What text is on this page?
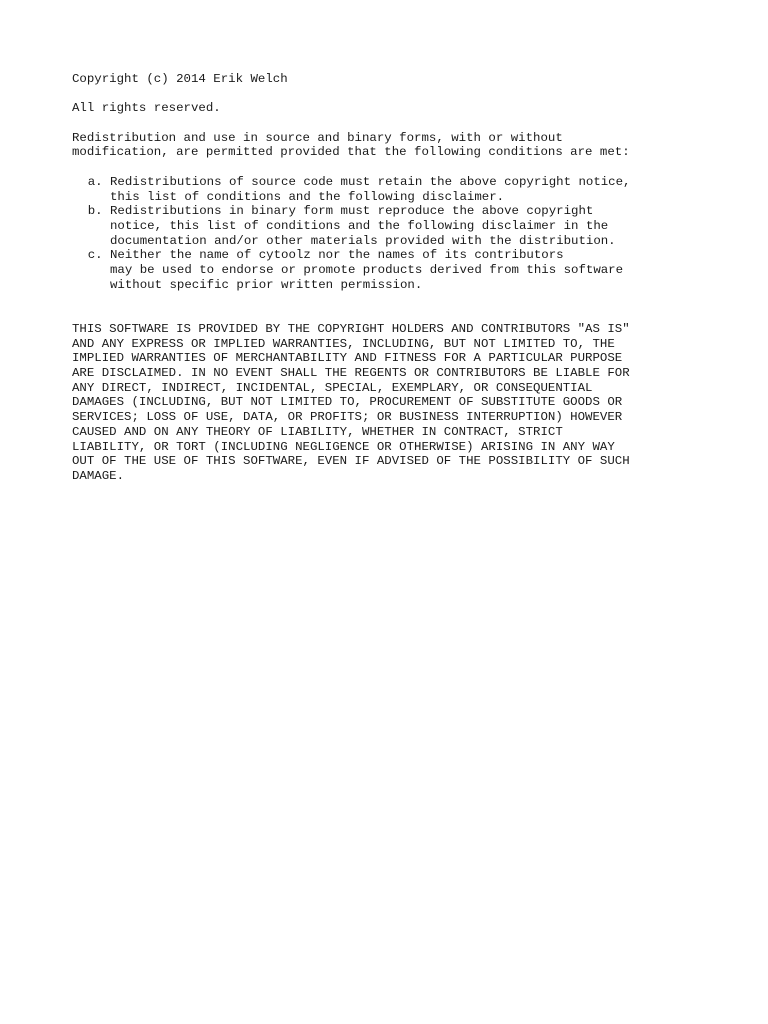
Copyright (c) 2014 Erik Welch

All rights reserved.

Redistribution and use in source and binary forms, with or without
modification, are permitted provided that the following conditions are met:

a. Redistributions of source code must retain the above copyright notice,
this list of conditions and the following disclaimer.
b. Redistributions in binary form must reproduce the above copyright
notice, this list of conditions and the following disclaimer in the
documentation and/or other materials provided with the distribution.
c. Neither the name of cytoolz nor the names of its contributors
may be used to endorse or promote products derived from this software
without specific prior written permission.

THIS SOFTWARE IS PROVIDED BY THE COPYRIGHT HOLDERS AND CONTRIBUTORS "AS IS"
AND ANY EXPRESS OR IMPLIED WARRANTIES, INCLUDING, BUT NOT LIMITED TO, THE
IMPLIED WARRANTIES OF MERCHANTABILITY AND FITNESS FOR A PARTICULAR PURPOSE
ARE DISCLAIMED. IN NO EVENT SHALL THE REGENTS OR CONTRIBUTORS BE LIABLE FOR
ANY DIRECT, INDIRECT, INCIDENTAL, SPECIAL, EXEMPLARY, OR CONSEQUENTIAL
DAMAGES (INCLUDING, BUT NOT LIMITED TO, PROCUREMENT OF SUBSTITUTE GOODS OR
SERVICES; LOSS OF USE, DATA, OR PROFITS; OR BUSINESS INTERRUPTION) HOWEVER
CAUSED AND ON ANY THEORY OF LIABILITY, WHETHER IN CONTRACT, STRICT
LIABILITY, OR TORT (INCLUDING NEGLIGENCE OR OTHERWISE) ARISING IN ANY WAY
OUT OF THE USE OF THIS SOFTWARE, EVEN IF ADVISED OF THE POSSIBILITY OF SUCH
DAMAGE.
